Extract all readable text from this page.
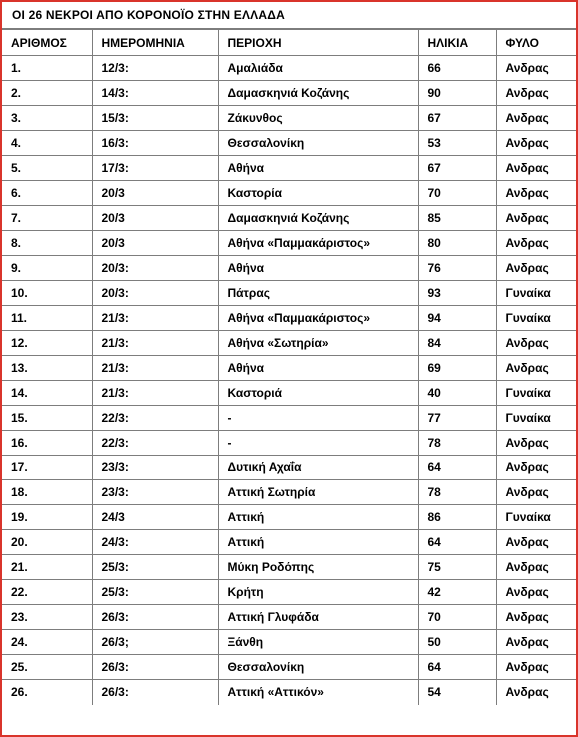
ΟΙ 26 ΝΕΚΡΟΙ ΑΠΟ ΚΟΡΟΝΟΪΟ ΣΤΗΝ ΕΛΛΑΔΑ
ΑΡΙΘΜΟΣ	ΗΜΕΡΟΜΗΝΙΑ	ΠΕΡΙΟΧΗ	ΗΛΙΚΙΑ	ΦΥΛΟ
1.	12/3:	Αμαλιάδα	66	Ανδρας
2.	14/3:	Δαμασκηνιά Κοζάνης	90	Ανδρας
3.	15/3:	Ζάκυνθος	67	Ανδρας
4.	16/3:	Θεσσαλονίκη	53	Ανδρας
5.	17/3:	Αθήνα	67	Ανδρας
6.	20/3	Καστορία	70	Ανδρας
7.	20/3	Δαμασκηνιά Κοζάνης	85	Ανδρας
8.	20/3	Αθήνα «Παμμακάριστος»	80	Ανδρας
9.	20/3:	Αθήνα	76	Ανδρας
10.	20/3:	Πάτρας	93	Γυναίκα
11.	21/3:	Αθήνα «Παμμακάριστος»	94	Γυναίκα
12.	21/3:	Αθήνα «Σωτηρία»	84	Ανδρας
13.	21/3:	Αθήνα	69	Ανδρας
14.	21/3:	Καστοριά	40	Γυναίκα
15.	22/3:	-	77	Γυναίκα
16.	22/3:	-	78	Ανδρας
17.	23/3:	Δυτική Αχαΐα	64	Ανδρας
18.	23/3:	Αττική Σωτηρία	78	Ανδρας
19.	24/3	Αττική	86	Γυναίκα
20.	24/3:	Αττική	64	Ανδρας
21.	25/3:	Μύκη Ροδόπης	75	Ανδρας
22.	25/3:	Κρήτη	42	Ανδρας
23.	26/3:	Αττική Γλυφάδα	70	Ανδρας
24.	26/3;	Ξάνθη	50	Ανδρας
25.	26/3:	Θεσσαλονίκη	64	Ανδρας
26.	26/3:	Αττική «Αττικόν»	54	Ανδρας
